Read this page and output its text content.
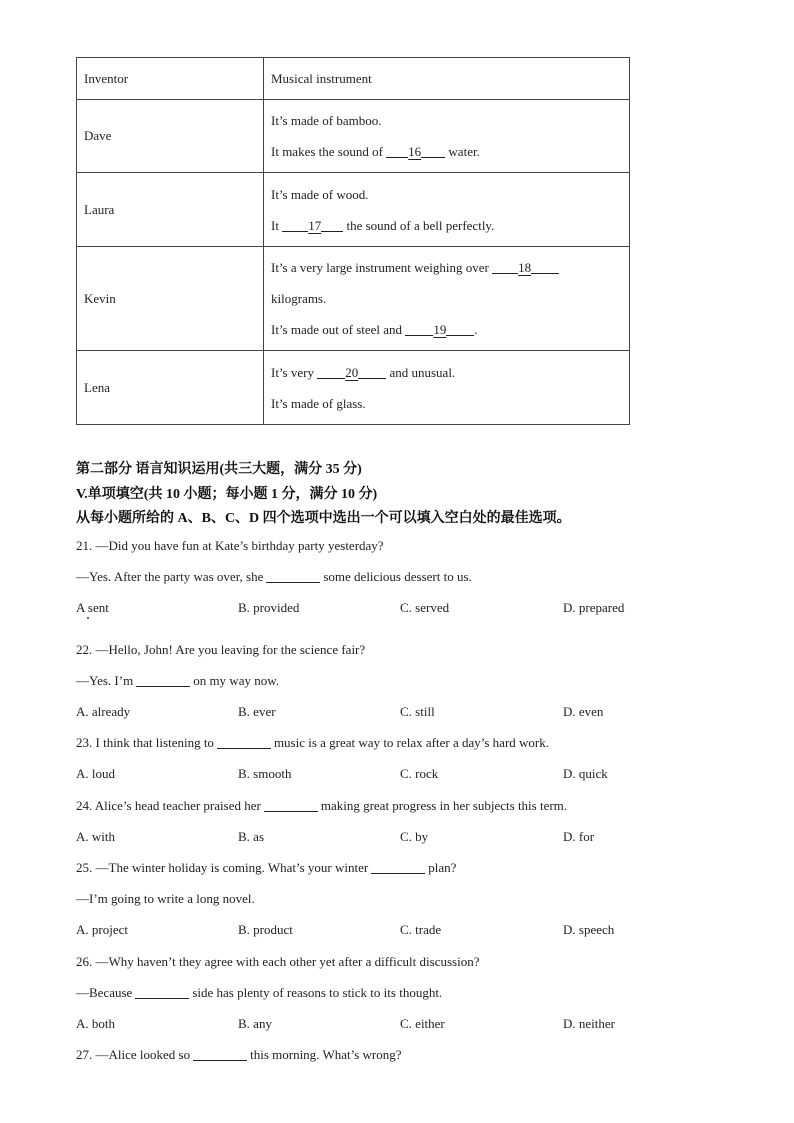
Inventor	Musical instrument
Dave	It’s made of bamboo.
It makes the sound of 16 water.

Laura	It’s made of wood.
It 17 the sound of a bell perfectly.

Kevin	It’s a very large instrument weighing over 18
kilograms.
It’s made out of steel and 19 .

Lena	It’s very 20 and unusual.
It’s made of glass.
第二部分 语言知识运用(共三大题，满分 35 分)
V.单项填空(共 10 小题；每小题 1 分，满分 10 分)
从每小题所给的 A、B、C、D 四个选项中选出一个可以填入空白处的最佳选项。
21. —Did you have fun at Kate’s birthday party yesterday?
—Yes. After the party was over, she	some delicious dessert to us.
A sent	B. provided	C. served	D. prepared
22. —Hello, John! Are you leaving for the science fair?
—Yes. I’m	on my way now.
A. already	B. ever	C. still	D. even
23. I think that listening to	music is a great way to relax after a day’s hard work.
A. loud	B. smooth	C. rock	D. quick
24. Alice’s head teacher praised her	making great progress in her subjects this term.
A. with	B. as	C. by	D. for
25. —The winter holiday is coming. What’s your winter	plan?
—I’m going to write a long novel.
A. project	B. product	C. trade	D. speech
26. —Why haven’t they agree with each other yet after a difficult discussion?
—Because	side has plenty of reasons to stick to its thought.
A. both	B. any	C. either	D. neither
27. —Alice looked so	this morning. What’s wrong?
